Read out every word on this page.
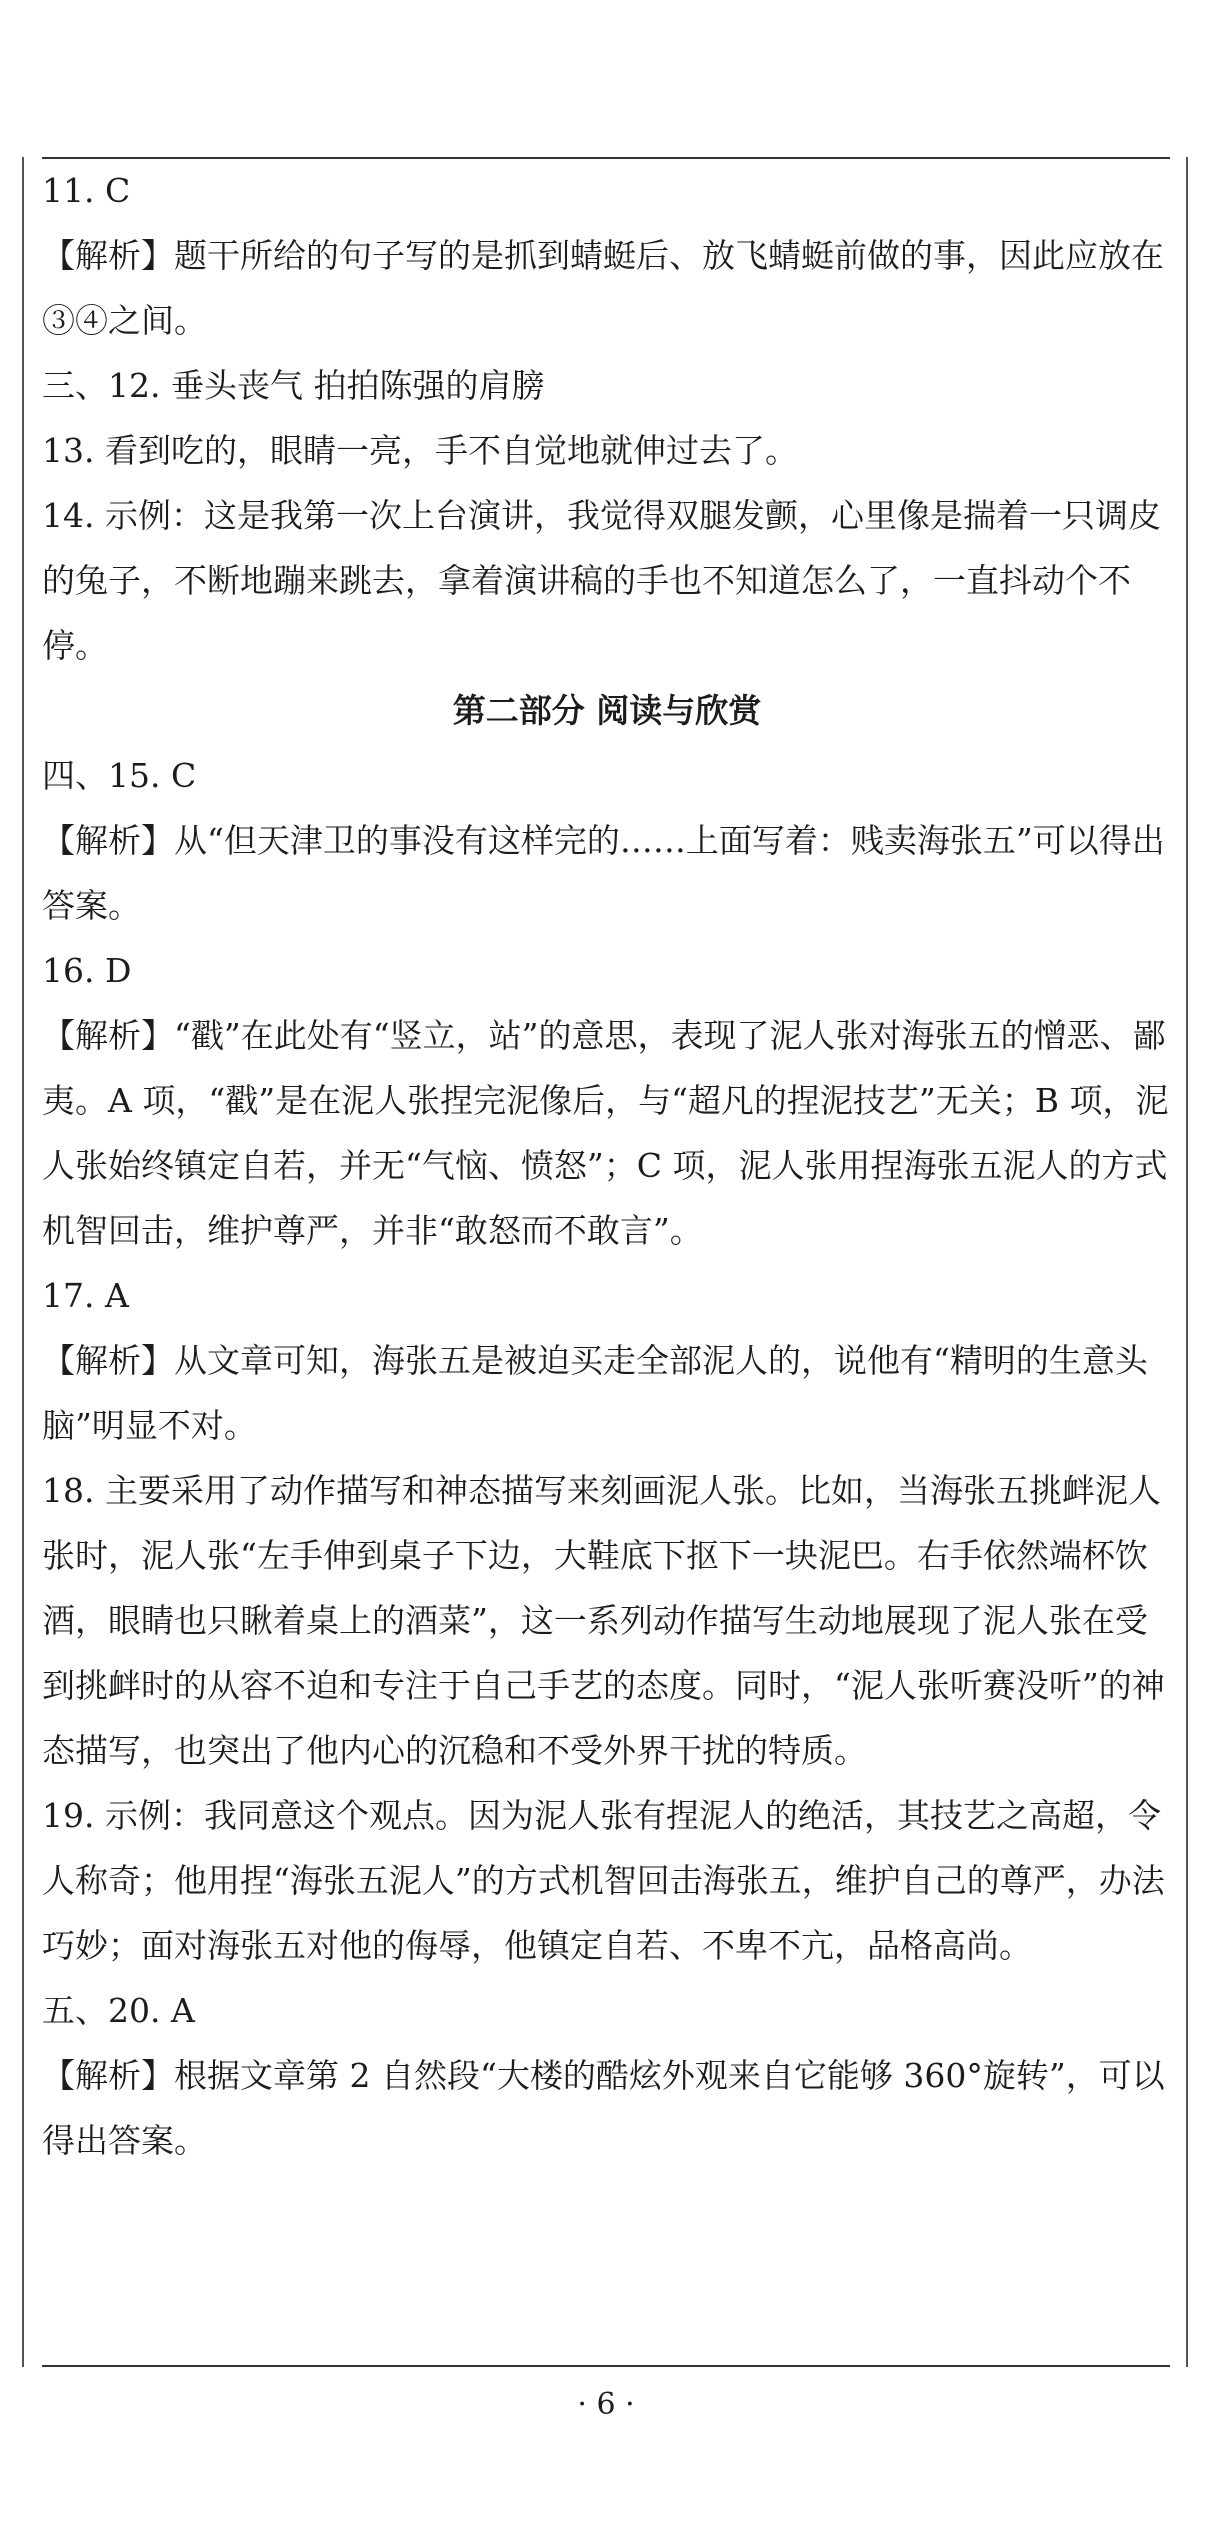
11. C

【解析】题干所给的句子写的是抓到蜻蜓后、放飞蜻蜓前做的事，因此应放在③④之间。

三、12. 垂头丧气 拍拍陈强的肩膀

13. 看到吃的，眼睛一亮，手不自觉地就伸过去了。

14. 示例：这是我第一次上台演讲，我觉得双腿发颤，心里像是揣着一只调皮的兔子，不断地蹦来跳去，拿着演讲稿的手也不知道怎么了，一直抖动个不停。

第二部分 阅读与欣赏

四、15. C

【解析】从“但天津卫的事没有这样完的……上面写着：贱卖海张五”可以得出答案。

16. D

【解析】“戳”在此处有“竖立，站”的意思，表现了泥人张对海张五的憎恶、鄙夷。A 项，“戳”是在泥人张捏完泥像后，与“超凡的捏泥技艺”无关；B 项，泥人张始终镇定自若，并无“气恼、愤怒”；C 项，泥人张用捏海张五泥人的方式机智回击，维护尊严，并非“敢怒而不敢言”。

17. A

【解析】从文章可知，海张五是被迫买走全部泥人的，说他有“精明的生意头脑”明显不对。

18. 主要采用了动作描写和神态描写来刻画泥人张。比如，当海张五挑衅泥人张时，泥人张“左手伸到桌子下边，大鞋底下抠下一块泥巴。右手依然端杯饮酒，眼睛也只瞅着桌上的酒菜”，这一系列动作描写生动地展现了泥人张在受到挑衅时的从容不迫和专注于自己手艺的态度。同时，“泥人张听赛没听”的神态描写，也突出了他内心的沉稳和不受外界干扰的特质。

19. 示例：我同意这个观点。因为泥人张有捏泥人的绝活，其技艺之高超，令人称奇；他用捏“海张五泥人”的方式机智回击海张五，维护自己的尊严，办法巧妙；面对海张五对他的侮辱，他镇定自若、不卑不亢，品格高尚。

五、20. A

【解析】根据文章第 2 自然段“大楼的酷炫外观来自它能够 360°旋转”，可以得出答案。

· 6 ·
